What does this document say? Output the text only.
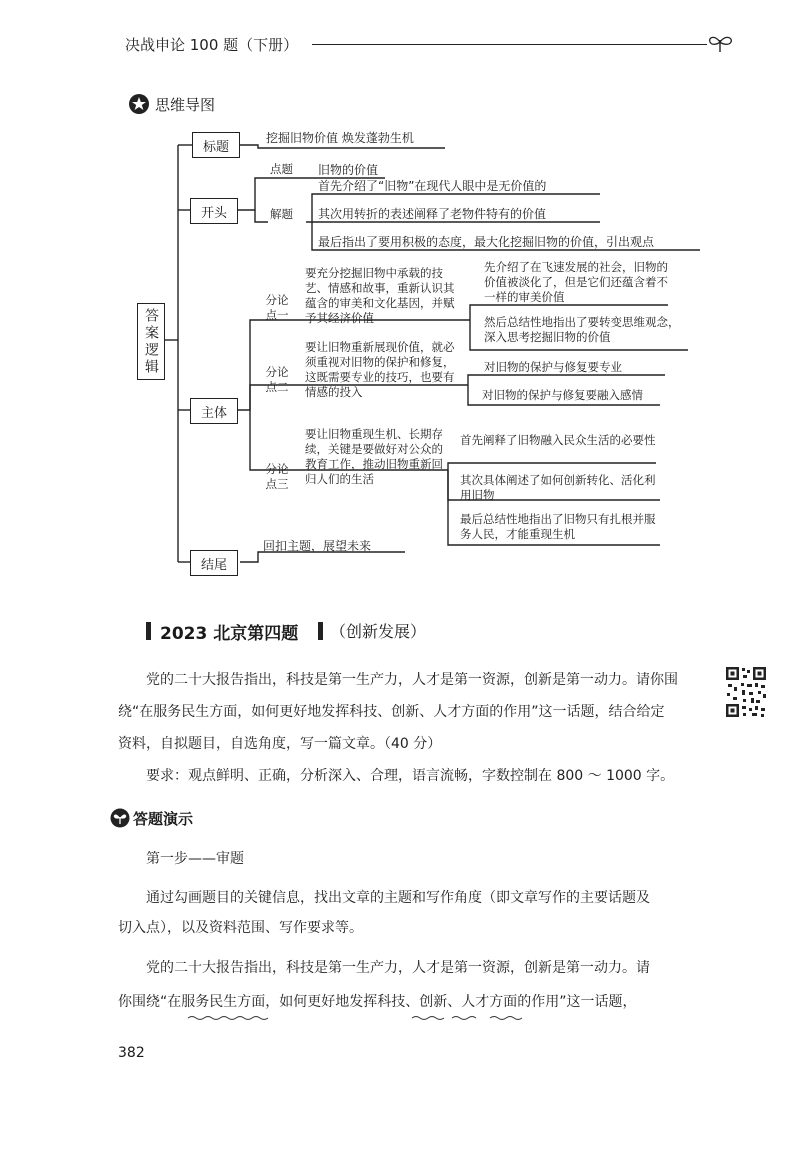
决战申论 100 题（下册）
思维导图
答案逻辑
标题
挖掘旧物价值 焕发蓬勃生机
开头
点题 旧物的价值
解题
首先介绍了“旧物”在现代人眼中是无价值的
其次用转折的表述阐释了老物件特有的价值
最后指出了要用积极的态度，最大化挖掘旧物的价值，引出观点
主体
分论点一
要充分挖掘旧物中承载的技艺、情感和故事，重新认识其蕴含的审美和文化基因，并赋予其经济价值
先介绍了在飞速发展的社会，旧物的价值被淡化了，但是它们还蕴含着不一样的审美价值
然后总结性地指出了要转变思维观念，深入思考挖掘旧物的价值
分论点二
要让旧物重新展现价值，就必须重视对旧物的保护和修复，这既需要专业的技巧，也要有情感的投入
对旧物的保护与修复要专业
对旧物的保护与修复要融入感情
分论点三
要让旧物重现生机、长期存续，关键是要做好对公众的教育工作，推动旧物重新回归人们的生活
首先阐释了旧物融入民众生活的必要性
其次具体阐述了如何创新转化、活化利用旧物
最后总结性地指出了旧物只有扎根并服务人民，才能重现生机
结尾
回扣主题，展望未来
2023 北京第四题 （创新发展）
党的二十大报告指出，科技是第一生产力，人才是第一资源，创新是第一动力。请你围
绕“在服务民生方面，如何更好地发挥科技、创新、人才方面的作用”这一话题，结合给定
资料，自拟题目，自选角度，写一篇文章。（40 分）
要求：观点鲜明、正确，分析深入、合理，语言流畅，字数控制在 800 ～ 1000 字。
答题演示
第一步——审题
通过勾画题目的关键信息，找出文章的主题和写作角度（即文章写作的主要话题及
切入点），以及资料范围、写作要求等。
党的二十大报告指出，科技是第一生产力，人才是第一资源，创新是第一动力。请
你围绕“在服务民生方面，如何更好地发挥科技、创新、人才方面的作用”这一话题，
382
